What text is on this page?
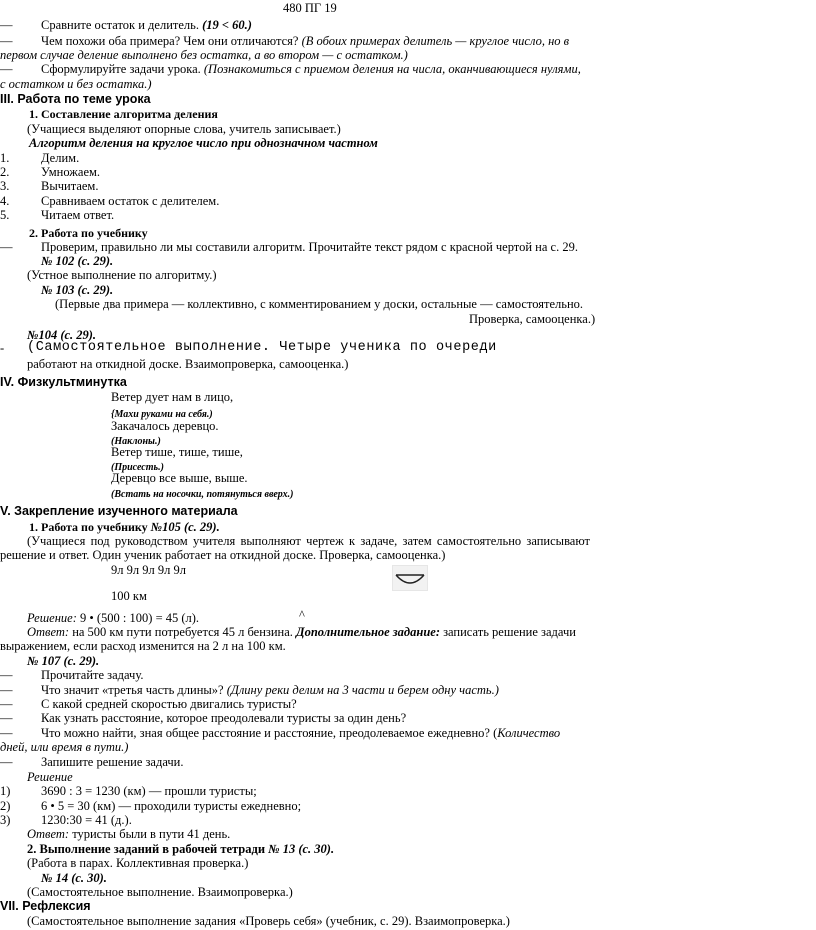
480 ПГ 19
— Сравните остаток и делитель. (19 < 60.)
— Чем похожи оба примера? Чем они отличаются? (В обоих примерах делитель — круглое число, но в
первом случае деление выполнено без остатка, а во втором — с остатком.)
— Сформулируйте задачи урока. (Познакомиться с приемом деления на числа, оканчивающиеся нулями,
с остатком и без остатка.)
III. Работа по теме урока
1. Составление алгоритма деления
(Учащиеся выделяют опорные слова, учитель записывает.)
Алгоритм деления на круглое число при однозначном частном
1.	Делим.
2.	Умножаем.
3.	Вычитаем.
4.	Сравниваем остаток с делителем.
5.	Читаем ответ.
2. Работа по учебнику
— Проверим, правильно ли мы составили алгоритм. Прочитайте текст рядом с красной чертой на с. 29.
№ 102 (с. 29).
(Устное выполнение по алгоритму.)
№ 103 (с. 29).
(Первые два примера — коллективно, с комментированием у доски, остальные — самостоятельно.
Проверка, самооценка.)
№104 (с. 29).
- (Самостоятельное выполнение. Четыре ученика по очереди
работают на откидной доске. Взаимопроверка, самооценка.)
IV. Физкультминутка
Ветер дует нам в лицо,
{Махи руками на себя.)
Закачалось деревцо.
(Наклоны.)
Ветер тише, тише, тише,
(Присесть.)
Деревцо все выше, выше.
(Встать на носочки, потянуться вверх.)
V. Закрепление изученного материала
1. Работа по учебнику №105 (с. 29).
(Учащиеся под руководством учителя выполняют чертеж к задаче, затем самостоятельно записывают
решение и ответ. Один ученик работает на откидной доске. Проверка, самооценка.)
9л 9л 9л 9л 9л
100 км
Решение: 9 • (500 : 100) = 45 (л).	^
Ответ: на 500 км пути потребуется 45 л бензина. Дополнительное задание: записать решение задачи
выражением, если расход изменится на 2 л на 100 км.
№ 107 (с. 29).
— Прочитайте задачу.
— Что значит «третья часть длины»? (Длину реки делим на 3 части и берем одну часть.)
— С какой средней скоростью двигались туристы?
— Как узнать расстояние, которое преодолевали туристы за один день?
— Что можно найти, зная общее расстояние и расстояние, преодолеваемое ежедневно? (Количество
дней, или время в пути.)
— Запишите решение задачи.
Решение
1) 3690 : 3 = 1230 (км) — прошли туристы;
2) 6 • 5 = 30 (км) — проходили туристы ежедневно;
3) 1230:30 = 41 (д.).
Ответ: туристы были в пути 41 день.
2. Выполнение заданий в рабочей тетради № 13 (с. 30).
(Работа в парах. Коллективная проверка.)
№ 14 (с. 30).
(Самостоятельное выполнение. Взаимопроверка.)
VII. Рефлексия
(Самостоятельное выполнение задания «Проверь себя» (учебник, с. 29). Взаимопроверка.)
